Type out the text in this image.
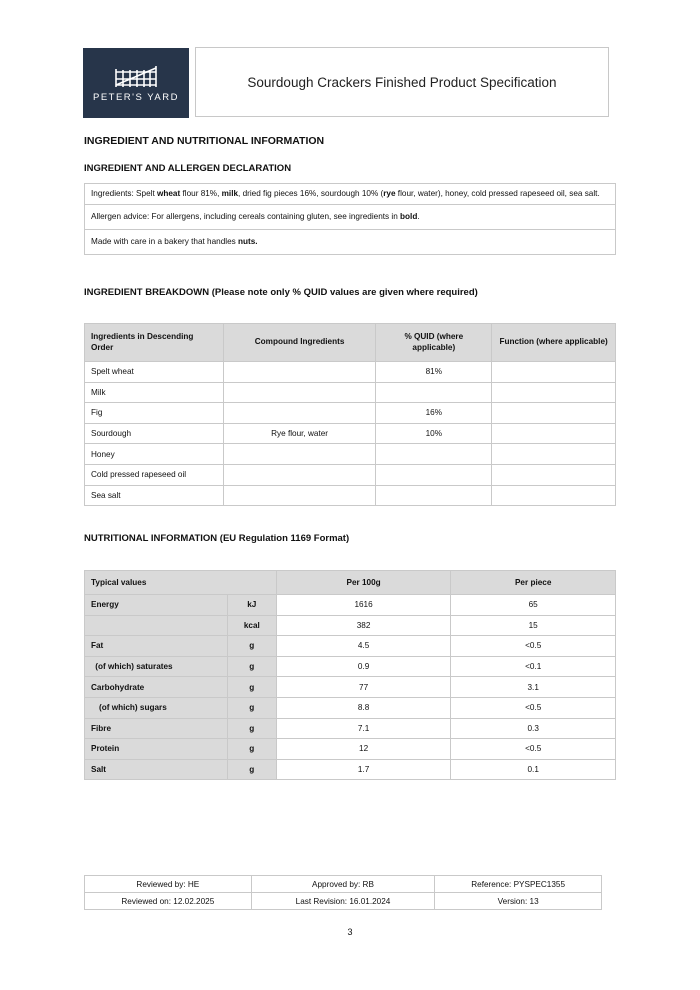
PETER'S YARD
Sourdough Crackers Finished Product Specification
INGREDIENT AND NUTRITIONAL INFORMATION
INGREDIENT AND ALLERGEN DECLARATION
Ingredients: Spelt wheat flour 81%, milk, dried fig pieces 16%, sourdough 10% (rye flour, water), honey, cold pressed rapeseed oil, sea salt.
Allergen advice: For allergens, including cereals containing gluten, see ingredients in bold.
Made with care in a bakery that handles nuts.
INGREDIENT BREAKDOWN (Please note only % QUID values are given where required)
Ingredients in Descending Order	Compound Ingredients	% QUID (where applicable)	Function (where applicable)
Spelt wheat		81%	
Milk			
Fig		16%	
Sourdough	Rye flour, water	10%	
Honey			
Cold pressed rapeseed oil			
Sea salt			
NUTRITIONAL INFORMATION (EU Regulation 1169 Format)
Typical values		Per 100g	Per piece
Energy	kJ	1616	65
	kcal	382	15
Fat	g	4.5	<0.5
(of which) saturates	g	0.9	<0.1
Carbohydrate	g	77	3.1
(of which) sugars	g	8.8	<0.5
Fibre	g	7.1	0.3
Protein	g	12	<0.5
Salt	g	1.7	0.1
Reviewed by: HE	Approved by: RB	Reference: PYSPEC1355
Reviewed on: 12.02.2025	Last Revision: 16.01.2024	Version: 13
3
